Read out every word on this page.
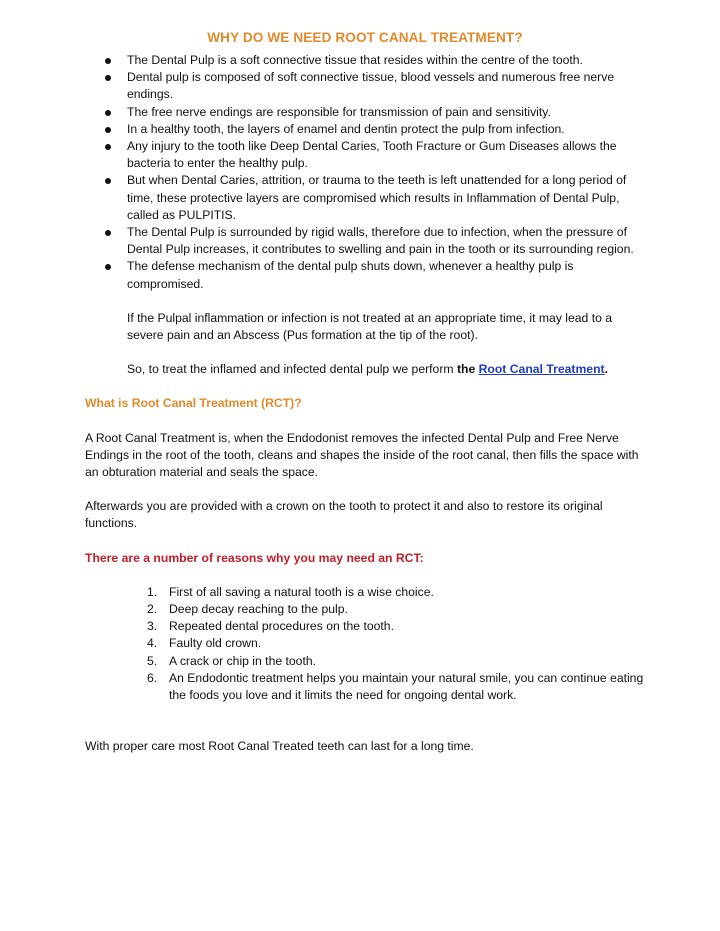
WHY DO WE NEED ROOT CANAL TREATMENT?
The Dental Pulp is a soft connective tissue that resides within the centre of the tooth.
Dental pulp is composed of soft connective tissue, blood vessels and numerous free nerve endings.
The free nerve endings are responsible for transmission of pain and sensitivity.
In a healthy tooth, the layers of enamel and dentin protect the pulp from infection.
Any injury to the tooth like Deep Dental Caries, Tooth Fracture or Gum Diseases allows the bacteria to enter the healthy pulp.
But when Dental Caries, attrition, or trauma to the teeth is left unattended for a long period of time, these protective layers are compromised which results in Inflammation of Dental Pulp, called as PULPITIS.
The Dental Pulp is surrounded by rigid walls, therefore due to infection, when the pressure of Dental Pulp increases, it contributes to swelling and pain in the tooth or its surrounding region.
The defense mechanism of the dental pulp shuts down, whenever a healthy pulp is compromised.

If the Pulpal inflammation or infection is not treated at an appropriate time, it may lead to a severe pain and an Abscess (Pus formation at the tip of the root).

So, to treat the inflamed and infected dental pulp we perform the Root Canal Treatment.

What is Root Canal Treatment (RCT)?

A Root Canal Treatment is, when the Endodonist removes the infected Dental Pulp and Free Nerve Endings in the root of the tooth, cleans and shapes the inside of the root canal, then fills the space with an obturation material and seals the space.

Afterwards you are provided with a crown on the tooth to protect it and also to restore its original functions.

There are a number of reasons why you may need an RCT:

1. First of all saving a natural tooth is a wise choice.
2. Deep decay reaching to the pulp.
3. Repeated dental procedures on the tooth.
4. Faulty old crown.
5. A crack or chip in the tooth.
6. An Endodontic treatment helps you maintain your natural smile, you can continue eating the foods you love and it limits the need for ongoing dental work.

With proper care most Root Canal Treated teeth can last for a long time.
